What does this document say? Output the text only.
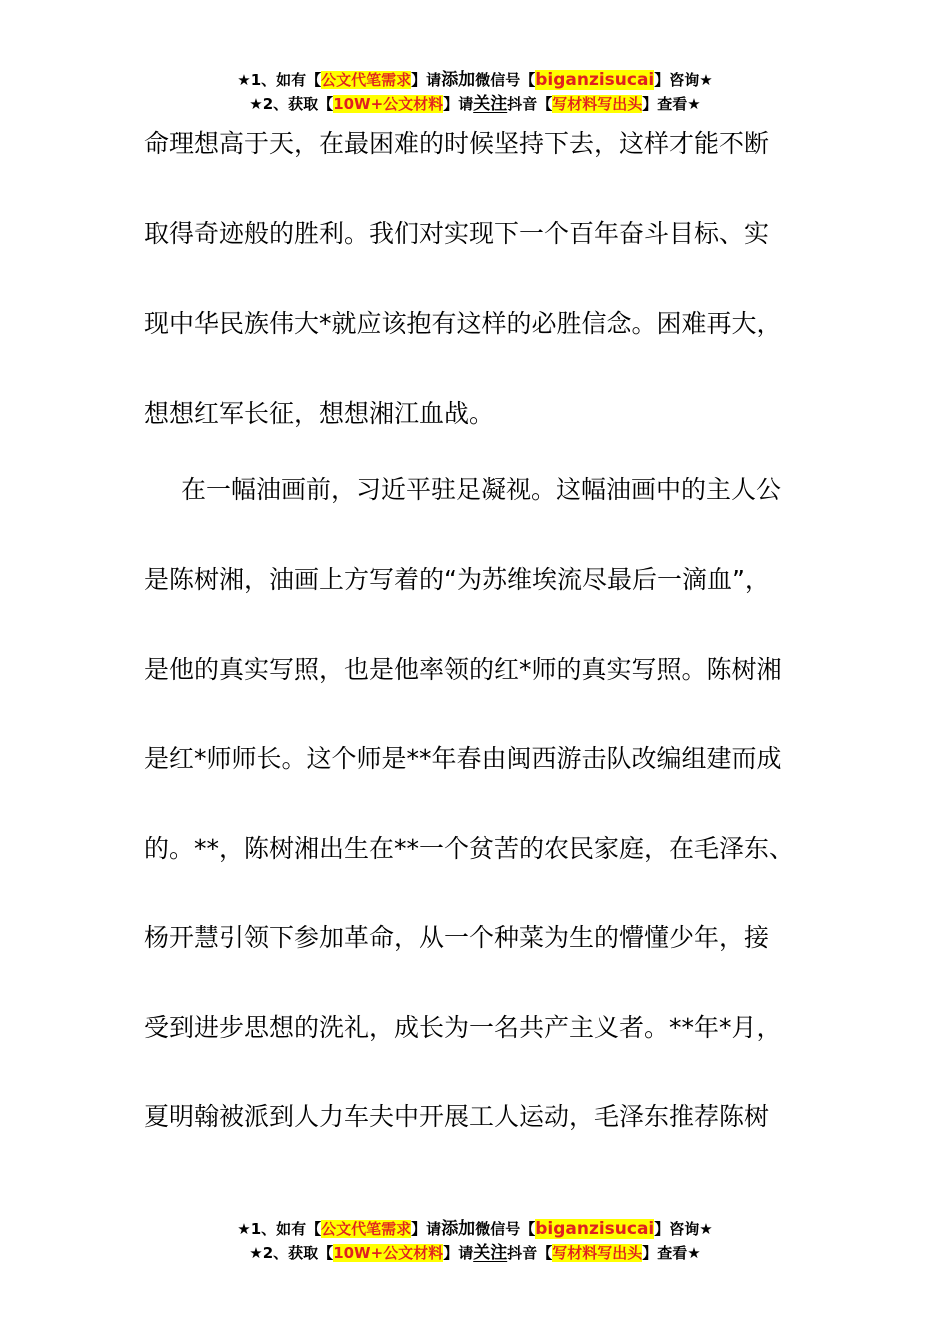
★1、如有【公文代笔需求】请添加微信号【biganzisucai】咨询★
★2、获取【10W+公文材料】请关注抖音【写材料写出头】查看★
命理想高于天，在最困难的时候坚持下去，这样才能不断
取得奇迹般的胜利。我们对实现下一个百年奋斗目标、实
现中华民族伟大*就应该抱有这样的必胜信念。困难再大，
想想红军长征，想想湘江血战。
在一幅油画前，习近平驻足凝视。这幅油画中的主人公
是陈树湘，油画上方写着的“为苏维埃流尽最后一滴血”，
是他的真实写照，也是他率领的红*师的真实写照。陈树湘
是红*师师长。这个师是**年春由闽西游击队改编组建而成
的。**，陈树湘出生在**一个贫苦的农民家庭，在毛泽东、
杨开慧引领下参加革命，从一个种菜为生的懵懂少年，接
受到进步思想的洗礼，成长为一名共产主义者。**年*月，
夏明翰被派到人力车夫中开展工人运动，毛泽东推荐陈树
★1、如有【公文代笔需求】请添加微信号【biganzisucai】咨询★
★2、获取【10W+公文材料】请关注抖音【写材料写出头】查看★
